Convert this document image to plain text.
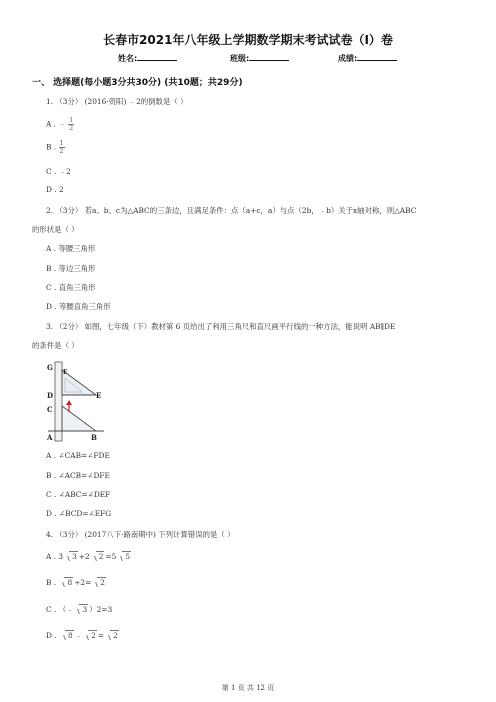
长春市2021年八年级上学期数学期末考试试卷（I）卷
姓名:	班级:	成绩:
一、 选择题(每小题3分共30分) (共10题；共29分)
1. （3分） (2016·资阳) ﹣2的倒数是（ ）
A . ﹣ $\frac{1}{2}$
B . $\frac{1}{2}$
C . ﹣2
D . 2
2. （3分） 若a、b、c为△ABC的三条边，且满足条件：点（a+c，a）与点（2b，﹣b）关于x轴对称，则△ABC
的形状是（ ）
A . 等腰三角形
B . 等边三角形
C . 直角三角形
D . 等腰直角三角形
3. （2分） 如图，七年级（下）教材第 6 页给出了利用三角尺和直尺画平行线的一种方法，能说明 AB∥DE
的条件是（ ）
G
F
E
D
C
A	B
A . ∠CAB=∠FDE
B . ∠ACB=∠DFE
C . ∠ABC=∠DEF
D . ∠BCD=∠EFG
4. （3分） (2017八下·路南期中) 下列计算错误的是（ ）
A . 3 3 +2 2 =5 5
B . 8 ÷2= 2
C . （﹣ 3 ）2=3
D . 8 ﹣ 2 = 2
第 1 页 共 12 页
